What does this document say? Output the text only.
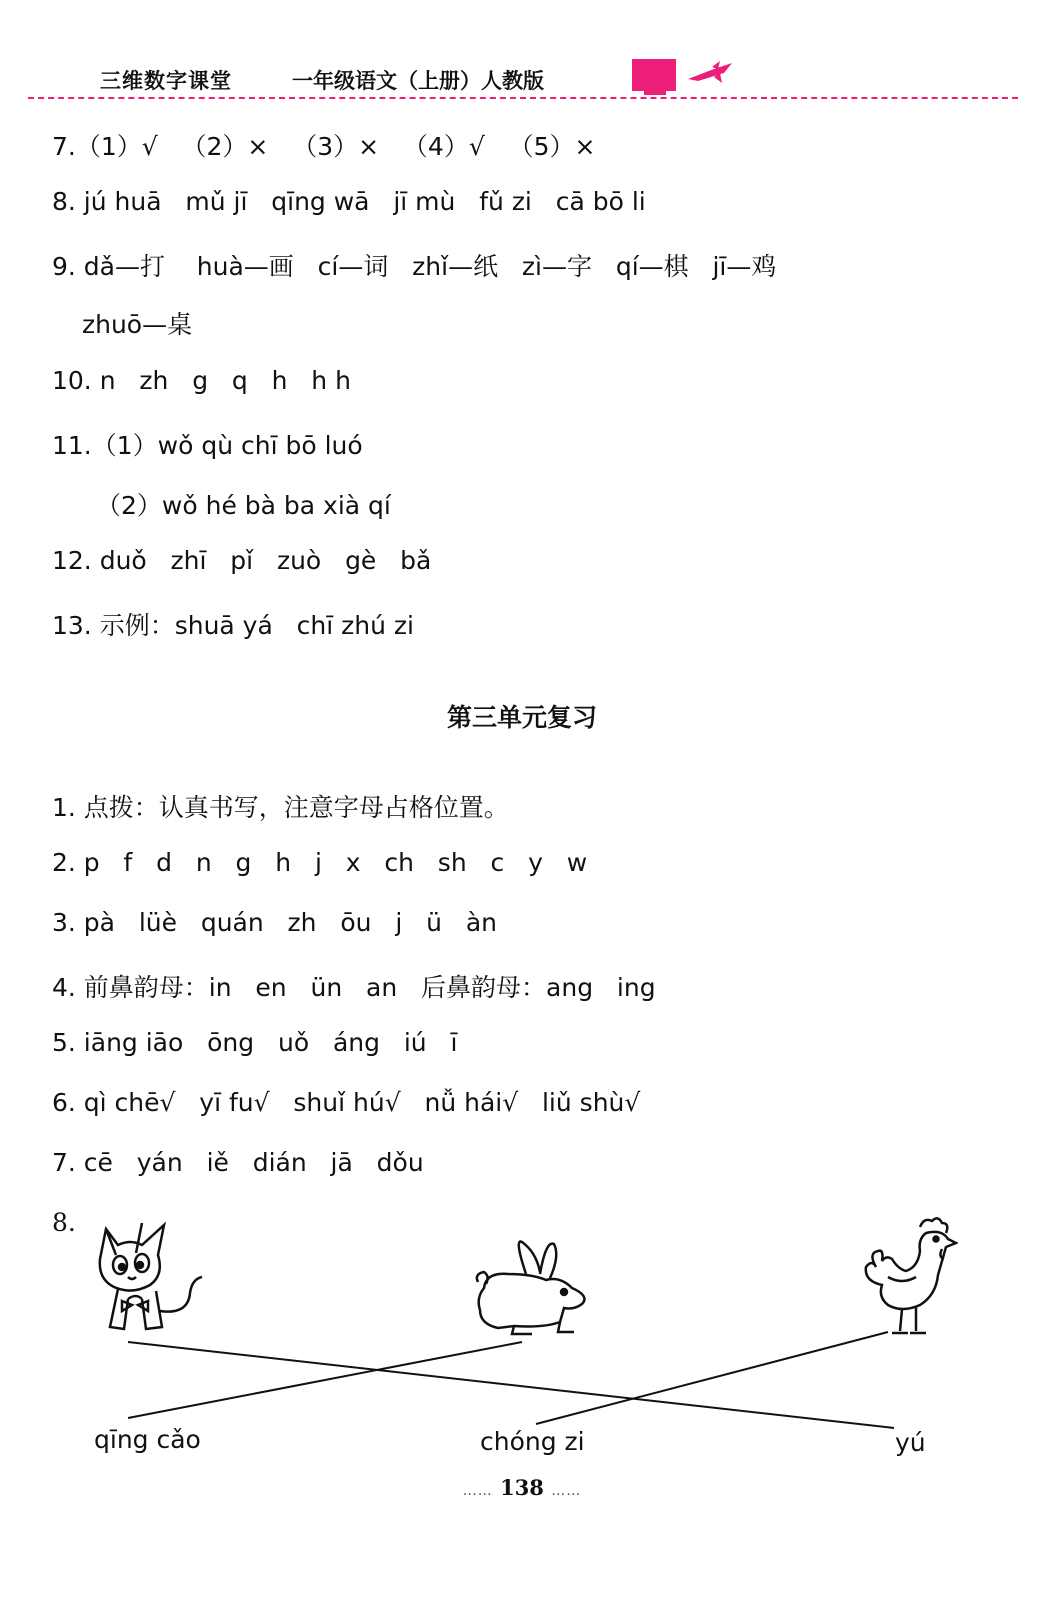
三维数字课堂	一年级语文（上册）人教版
7.（1）√   （2）×   （3）×   （4）√   （5）×
8. jú huā   mǔ jī   qīng wā   jī mù   fǔ zi   cā bō li
9. dǎ—打    huà—画   cí—词   zhǐ—纸   zì—字   qí—棋   jī—鸡
zhuō—桌
10. n   zh   g   q   h   h h
11.（1）wǒ qù chī bō luó
（2）wǒ hé bà ba xià qí
12. duǒ   zhī   pǐ   zuò   gè   bǎ
13. 示例：shuā yá   chī zhú zi
第三单元复习
1. 点拨：认真书写，注意字母占格位置。
2. p   f   d   n   g   h   j   x   ch   sh   c   y   w
3. pà   lüè   quán   zh   ōu   j   ü   àn
4. 前鼻韵母：in   en   ün   an   后鼻韵母：ang   ing
5. iāng iāo   ōng   uǒ   áng   iú   ī
6. qì chē√   yī fu√   shuǐ hú√   nǚ hái√   liǔ shù√
7. cē   yán   iě   dián   jā   dǒu
8.
qīng cǎo	chóng zi	yú
…… 138 ……
